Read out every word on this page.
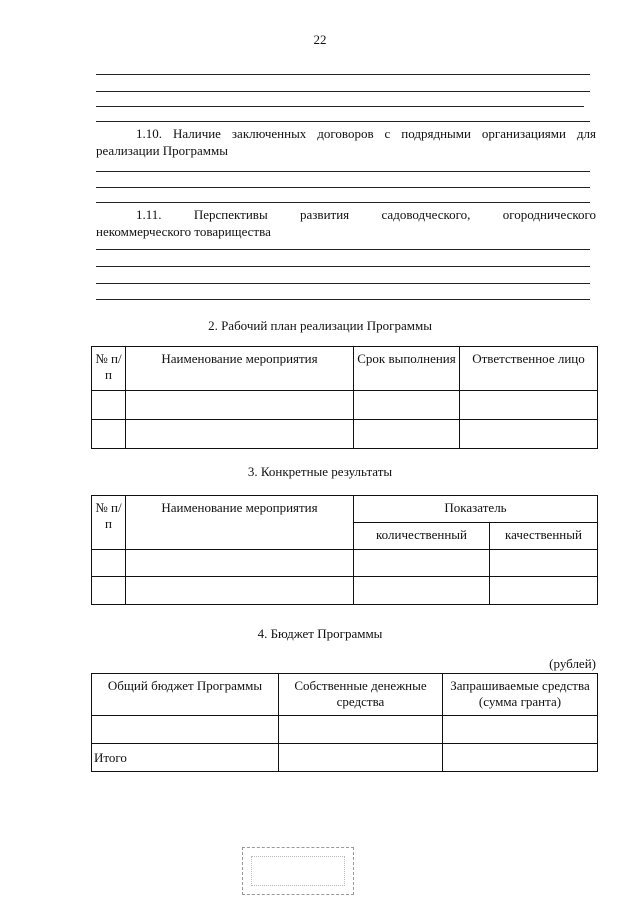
22
1.10. Наличие заключенных договоров с подрядными организациями для
реализации Программы
1.11. Перспективы развития садоводческого, огороднического
некоммерческого товарищества
2. Рабочий план реализации Программы
№ п/п	Наименование мероприятия	Срок выполнения	Ответственное лицо

3. Конкретные результаты
№ п/п	Наименование мероприятия	Показатель	
		количественный	качественный

4. Бюджет Программы
(рублей)
Общий бюджет Программы	Собственные денежные средства	Запрашиваемые средства (сумма гранта)

Итого		
